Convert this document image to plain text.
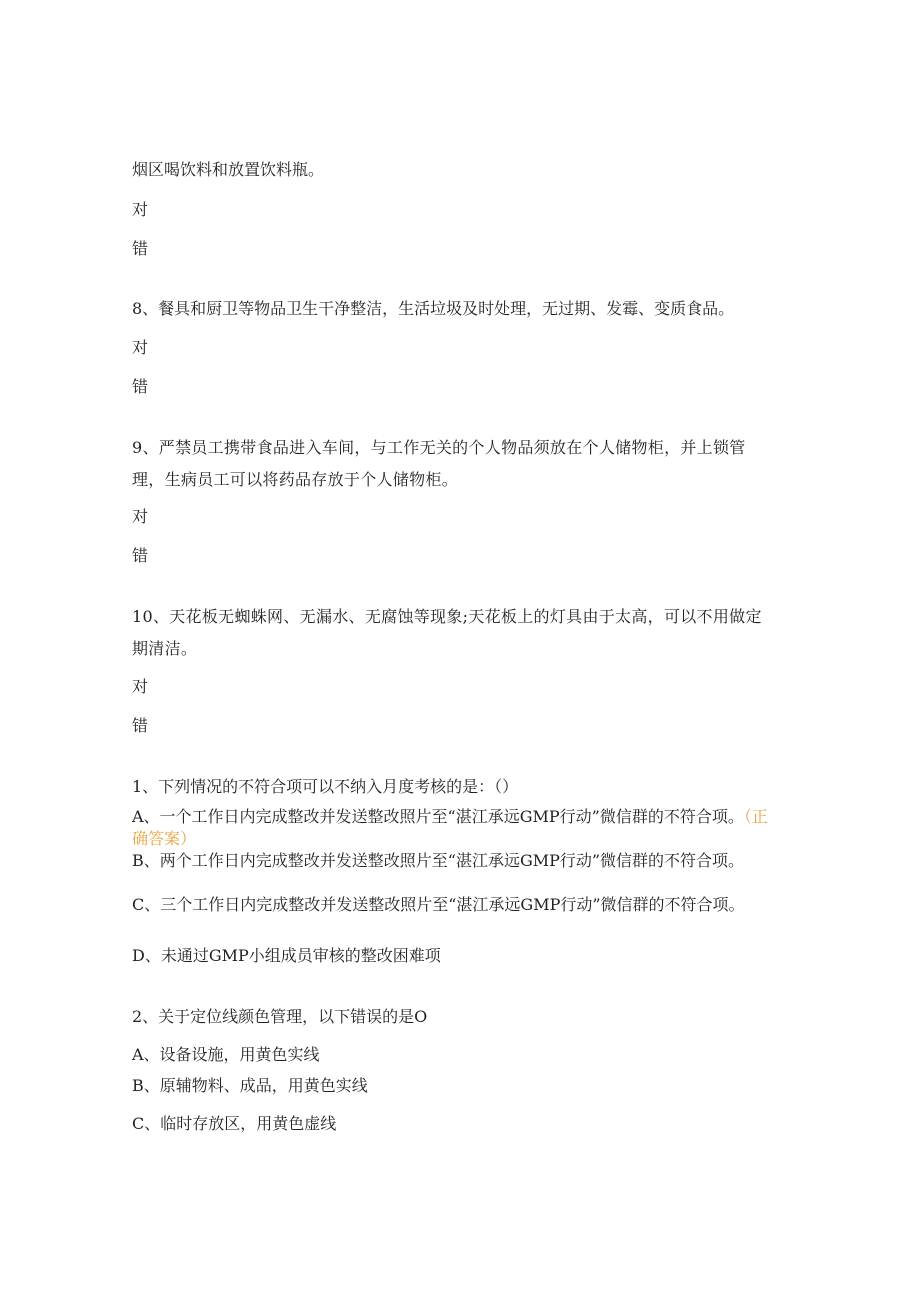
烟区喝饮料和放置饮料瓶。
对
错
8、餐具和厨卫等物品卫生干净整洁，生活垃圾及时处理，无过期、发霉、变质食品。
对
错
9、严禁员工携带食品进入车间，与工作无关的个人物品须放在个人储物柜，并上锁管理，生病员工可以将药品存放于个人储物柜。
对
错
10、天花板无蜘蛛网、无漏水、无腐蚀等现象;天花板上的灯具由于太高，可以不用做定期清洁。
对
错
1、下列情况的不符合项可以不纳入月度考核的是：（）
A、一个工作日内完成整改并发送整改照片至“湛江承远GMP行动”微信群的不符合项。（正确答案）
B、两个工作日内完成整改并发送整改照片至“湛江承远GMP行动”微信群的不符合项。
C、三个工作日内完成整改并发送整改照片至“湛江承远GMP行动”微信群的不符合项。
D、未通过GMP小组成员审核的整改困难项
2、关于定位线颜色管理，以下错误的是O
A、设备设施，用黄色实线
B、原辅物料、成品，用黄色实线
C、临时存放区，用黄色虚线
